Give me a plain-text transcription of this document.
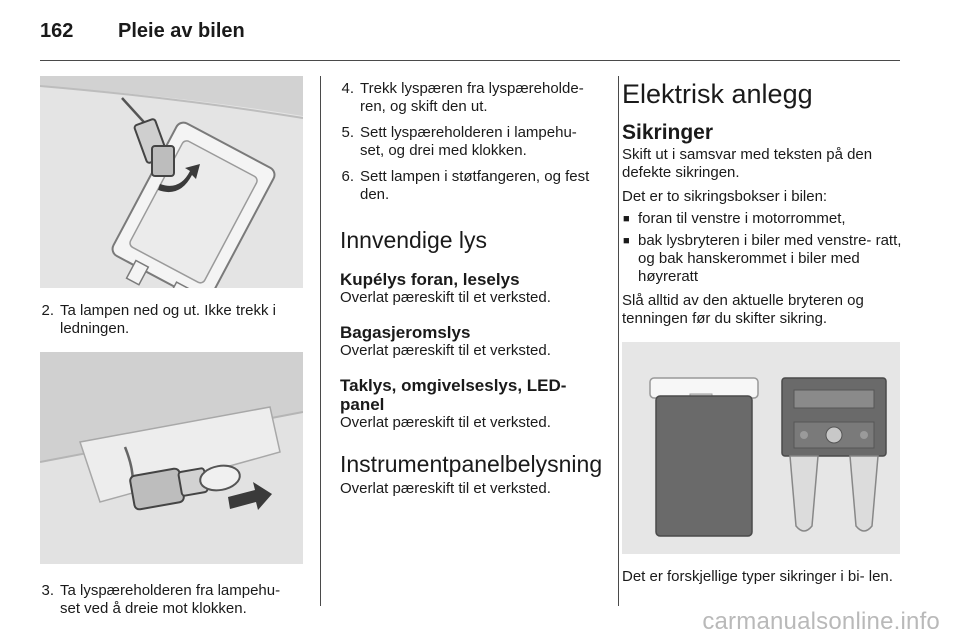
162	Pleie av bilen
2. Ta lampen ned og ut. Ikke trekk i ledningen.
3. Ta lyspæreholderen fra lampehu- set ved å dreie mot klokken.
4. Trekk lyspæren fra lyspæreholde- ren, og skift den ut.
5. Sett lyspæreholderen i lampehu- set, og drei med klokken.
6. Sett lampen i støtfangeren, og fest den.
Innvendige lys
Kupélys foran, leselys
Overlat pæreskift til et verksted.
Bagasjeromslys
Overlat pæreskift til et verksted.
Taklys, omgivelseslys, LED- panel
Overlat pæreskift til et verksted.
Instrumentpanelbelysning
Overlat pæreskift til et verksted.
Elektrisk anlegg
Sikringer
Skift ut i samsvar med teksten på den defekte sikringen.
Det er to sikringsbokser i bilen:
■ foran til venstre i motorrommet,
■ bak lysbryteren i biler med venstre- ratt, og bak hanskerommet i biler med høyreratt
Slå alltid av den aktuelle bryteren og tenningen før du skifter sikring.
Det er forskjellige typer sikringer i bi- len.
carmanualsonline.info
